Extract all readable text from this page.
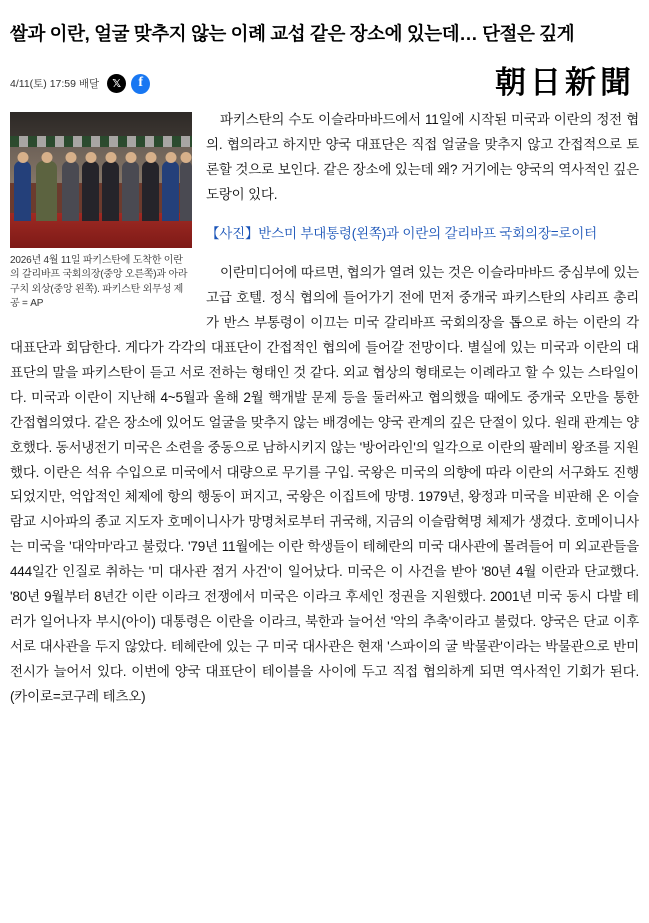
쌀과 이란, 얼굴 맞추지 않는 이례 교섭 같은 장소에 있는데… 단절은 깊게
4/11(토) 17:59 배달	𝕏	f	朝日新聞
2026년 4월 11일 파키스탄에 도착한 이란의 갈리바프 국회의장(중앙 오른쪽)과 아라구치 외상(중앙 왼쪽). 파키스탄 외무성 제공 = AP

파키스탄의 수도 이슬라마바드에서 11일에 시작된 미국과 이란의 정전 협의. 협의라고 하지만 양국 대표단은 직접 얼굴을 맞추지 않고 간접적으로 토론할 것으로 보인다. 같은 장소에 있는데 왜? 거기에는 양국의 역사적인 깊은 도랑이 있다.

【사진】반스미 부대통령(왼쪽)과 이란의 갈리바프 국회의장=로이터

이란미디어에 따르면, 협의가 열려 있는 것은 이슬라마바드 중심부에 있는 고급 호텔. 정식 협의에 들어가기 전에 먼저 중개국 파키스탄의 샤리프 총리가 반스 부통령이 이끄는 미국 갈리바프 국회의장을 톱으로 하는 이란의 각 대표단과 회담한다. 게다가 각각의 대표단이 간접적인 협의에 들어갈 전망이다. 별실에 있는 미국과 이란의 대표단의 말을 파키스탄이 듣고 서로 전하는 형태인 것 같다. 외교 협상의 형태로는 이례라고 할 수 있는 스타일이다. 미국과 이란이 지난해 4~5월과 올해 2월 핵개발 문제 등을 둘러싸고 협의했을 때에도 중개국 오만을 통한 간접협의였다. 같은 장소에 있어도 얼굴을 맞추지 않는 배경에는 양국 관계의 깊은 단절이 있다. 원래 관계는 양호했다. 동서냉전기 미국은 소련을 중동으로 남하시키지 않는 '방어라인'의 일각으로 이란의 팔레비 왕조를 지원했다. 이란은 석유 수입으로 미국에서 대량으로 무기를 구입. 국왕은 미국의 의향에 따라 이란의 서구화도 진행되었지만, 억압적인 체제에 항의 행동이 퍼지고, 국왕은 이집트에 망명. 1979년, 왕정과 미국을 비판해 온 이슬람교 시아파의 종교 지도자 호메이니사가 망명처로부터 귀국해, 지금의 이슬람혁명 체제가 생겼다. 호메이니사는 미국을 '대악마'라고 불렀다. '79년 11월에는 이란 학생들이 테헤란의 미국 대사관에 몰려들어 미 외교관들을 444일간 인질로 취하는 '미 대사관 점거 사건'이 일어났다. 미국은 이 사건을 받아 '80년 4월 이란과 단교했다. '80년 9월부터 8년간 이란 이라크 전쟁에서 미국은 이라크 후세인 정권을 지원했다. 2001년 미국 동시 다발 테러가 일어나자 부시(아이) 대통령은 이란을 이라크, 북한과 늘어선 '악의 추축'이라고 불렀다. 양국은 단교 이후 서로 대사관을 두지 않았다. 테헤란에 있는 구 미국 대사관은 현재 '스파이의 굴 박물관'이라는 박물관으로 반미 전시가 늘어서 있다. 이번에 양국 대표단이 테이블을 사이에 두고 직접 협의하게 되면 역사적인 기회가 된다. (카이로=코구레 테츠오)
